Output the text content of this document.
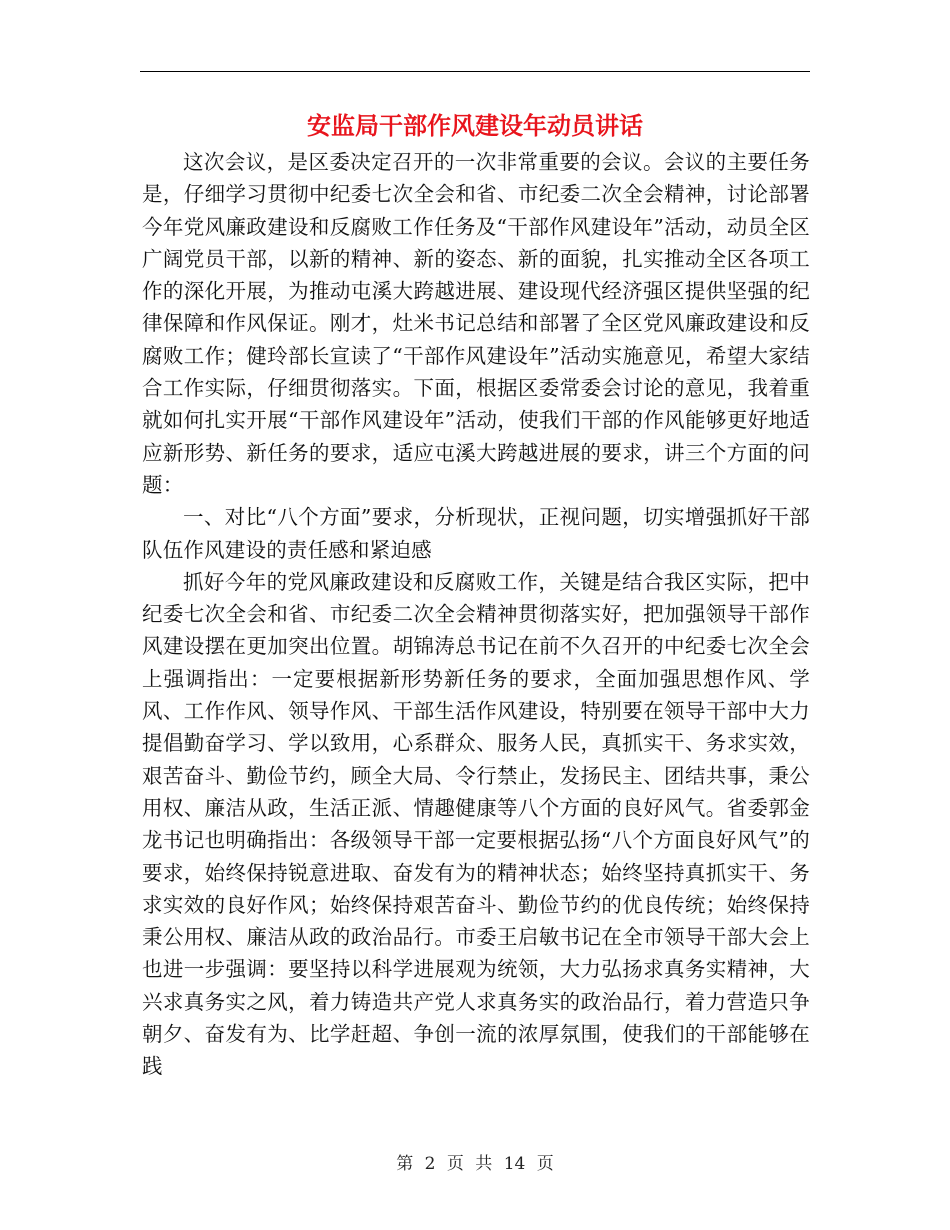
安监局干部作风建设年动员讲话

这次会议，是区委决定召开的一次非常重要的会议。会议的主要任务是，仔细学习贯彻中纪委七次全会和省、市纪委二次全会精神，讨论部署今年党风廉政建设和反腐败工作任务及“干部作风建设年”活动，动员全区广阔党员干部，以新的精神、新的姿态、新的面貌，扎实推动全区各项工作的深化开展，为推动屯溪大跨越进展、建设现代经济强区提供坚强的纪律保障和作风保证。刚才，灶米书记总结和部署了全区党风廉政建设和反腐败工作；健玲部长宣读了“干部作风建设年”活动实施意见，希望大家结合工作实际，仔细贯彻落实。下面，根据区委常委会讨论的意见，我着重就如何扎实开展“干部作风建设年”活动，使我们干部的作风能够更好地适应新形势、新任务的要求，适应屯溪大跨越进展的要求，讲三个方面的问题：

一、对比“八个方面”要求，分析现状，正视问题，切实增强抓好干部队伍作风建设的责任感和紧迫感

抓好今年的党风廉政建设和反腐败工作，关键是结合我区实际，把中纪委七次全会和省、市纪委二次全会精神贯彻落实好，把加强领导干部作风建设摆在更加突出位置。胡锦涛总书记在前不久召开的中纪委七次全会上强调指出：一定要根据新形势新任务的要求，全面加强思想作风、学风、工作作风、领导作风、干部生活作风建设，特别要在领导干部中大力提倡勤奋学习、学以致用，心系群众、服务人民，真抓实干、务求实效，艰苦奋斗、勤俭节约，顾全大局、令行禁止，发扬民主、团结共事，秉公用权、廉洁从政，生活正派、情趣健康等八个方面的良好风气。省委郭金龙书记也明确指出：各级领导干部一定要根据弘扬“八个方面良好风气”的要求，始终保持锐意进取、奋发有为的精神状态；始终坚持真抓实干、务求实效的良好作风；始终保持艰苦奋斗、勤俭节约的优良传统；始终保持秉公用权、廉洁从政的政治品行。市委王启敏书记在全市领导干部大会上也进一步强调：要坚持以科学进展观为统领，大力弘扬求真务实精神，大兴求真务实之风，着力铸造共产党人求真务实的政治品行，着力营造只争朝夕、奋发有为、比学赶超、争创一流的浓厚氛围，使我们的干部能够在践

第 2 页 共 14 页
